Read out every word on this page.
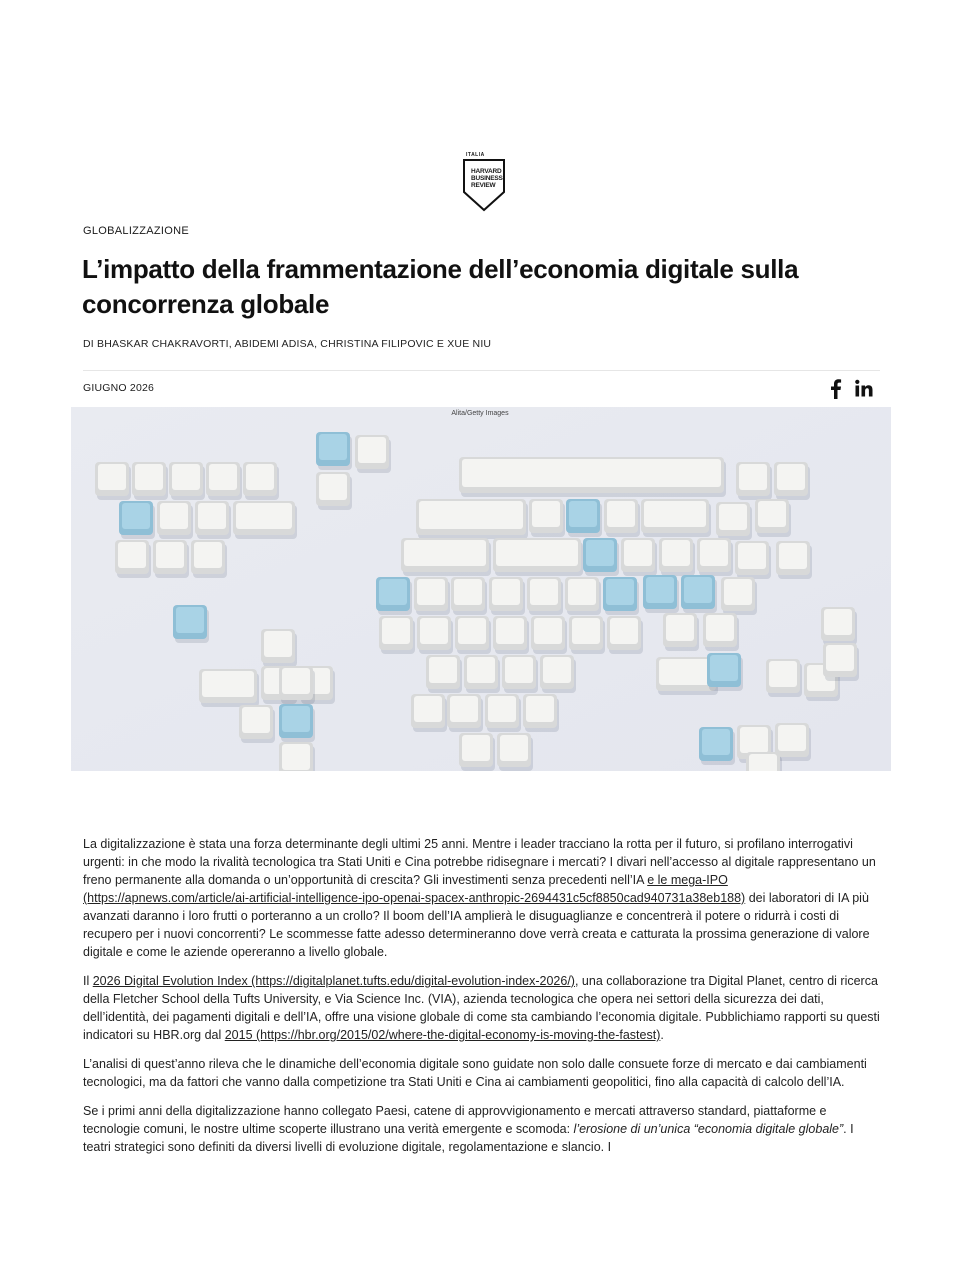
ITALIA
HARVARD
BUSINESS
REVIEW
GLOBALIZZAZIONE
L’impatto della frammentazione dell’economia digitale sulla concorrenza globale
DI BHASKAR CHAKRAVORTI, ABIDEMI ADISA, CHRISTINA FILIPOVIC E XUE NIU
GIUGNO 2026
Alita/Getty Images

La digitalizzazione è stata una forza determinante degli ultimi 25 anni. Mentre i leader tracciano la rotta per il futuro, si profilano interrogativi urgenti: in che modo la rivalità tecnologica tra Stati Uniti e Cina potrebbe ridisegnare i mercati? I divari nell’accesso al digitale rappresentano un freno permanente alla domanda o un’opportunità di crescita? Gli investimenti senza precedenti nell’IA e le mega-IPO (https://apnews.com/article/ai-artificial-intelligence-ipo-openai-spacex-anthropic-2694431c5cf8850cad940731a38eb188) dei laboratori di IA più avanzati daranno i loro frutti o porteranno a un crollo? Il boom dell’IA amplierà le disuguaglianze e concentrerà il potere o ridurrà i costi di recupero per i nuovi concorrenti? Le scommesse fatte adesso determineranno dove verrà creata e catturata la prossima generazione di valore digitale e come le aziende opereranno a livello globale.

Il 2026 Digital Evolution Index (https://digitalplanet.tufts.edu/digital-evolution-index-2026/), una collaborazione tra Digital Planet, centro di ricerca della Fletcher School della Tufts University, e Via Science Inc. (VIA), azienda tecnologica che opera nei settori della sicurezza dei dati, dell’identità, dei pagamenti digitali e dell’IA, offre una visione globale di come sta cambiando l’economia digitale. Pubblichiamo rapporti su questi indicatori su HBR.org dal 2015 (https://hbr.org/2015/02/where-the-digital-economy-is-moving-the-fastest).

L’analisi di quest’anno rileva che le dinamiche dell’economia digitale sono guidate non solo dalle consuete forze di mercato e dai cambiamenti tecnologici, ma da fattori che vanno dalla competizione tra Stati Uniti e Cina ai cambiamenti geopolitici, fino alla capacità di calcolo dell’IA.

Se i primi anni della digitalizzazione hanno collegato Paesi, catene di approvvigionamento e mercati attraverso standard, piattaforme e tecnologie comuni, le nostre ultime scoperte illustrano una verità emergente e scomoda: l’erosione di un’unica “economia digitale globale”. I teatri strategici sono definiti da diversi livelli di evoluzione digitale, regolamentazione e slancio. I
